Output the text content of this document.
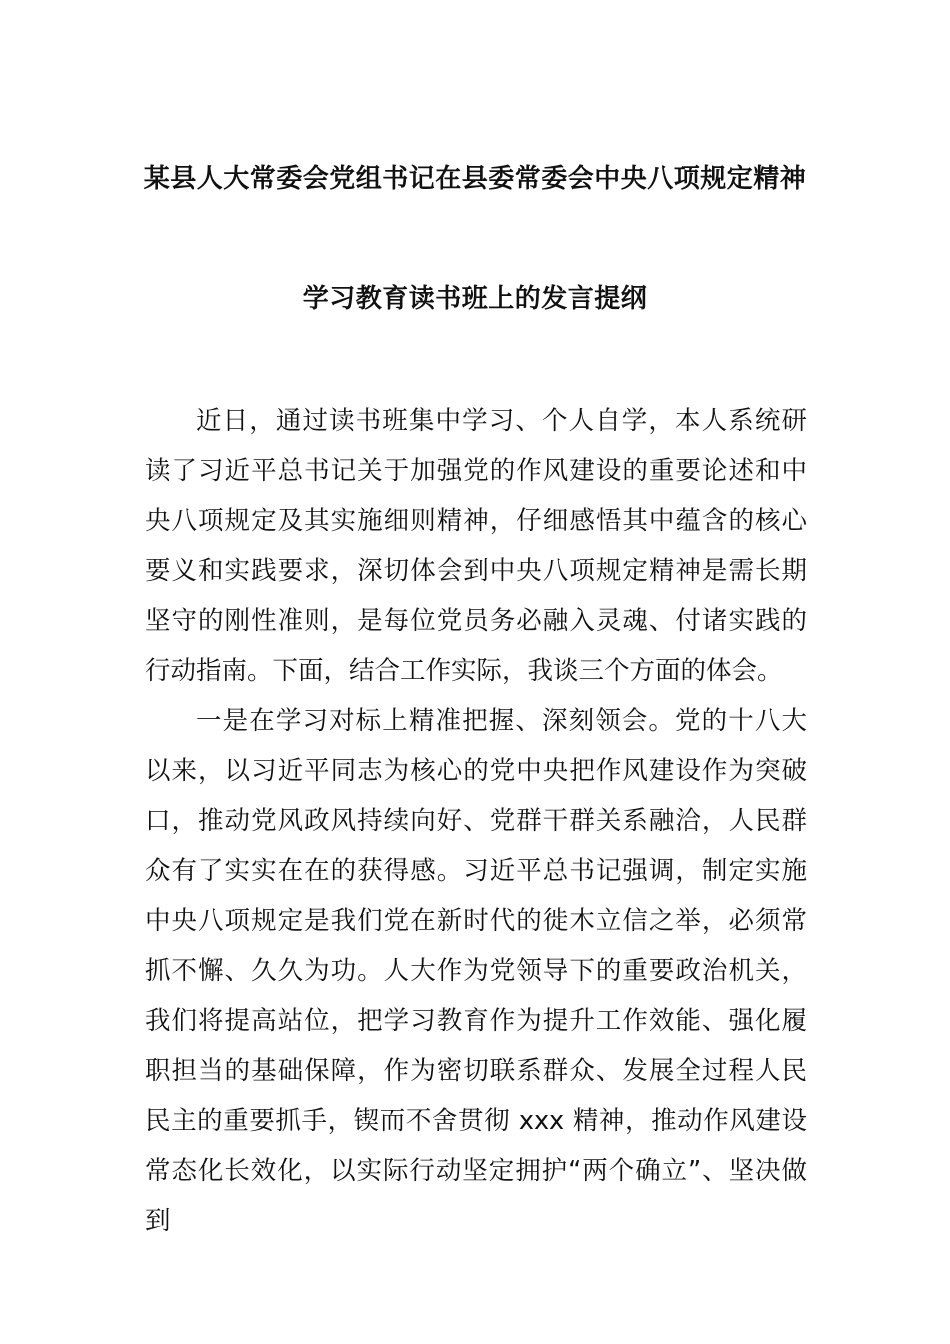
某县人大常委会党组书记在县委常委会中央八项规定精神
学习教育读书班上的发言提纲

近日，通过读书班集中学习、个人自学，本人系统研读了习近平总书记关于加强党的作风建设的重要论述和中央八项规定及其实施细则精神，仔细感悟其中蕴含的核心要义和实践要求，深切体会到中央八项规定精神是需长期坚守的刚性准则，是每位党员务必融入灵魂、付诸实践的行动指南。下面，结合工作实际，我谈三个方面的体会。

一是在学习对标上精准把握、深刻领会。党的十八大以来，以习近平同志为核心的党中央把作风建设作为突破口，推动党风政风持续向好、党群干群关系融洽，人民群众有了实实在在的获得感。习近平总书记强调，制定实施中央八项规定是我们党在新时代的徙木立信之举，必须常抓不懈、久久为功。人大作为党领导下的重要政治机关，我们将提高站位，把学习教育作为提升工作效能、强化履职担当的基础保障，作为密切联系群众、发展全过程人民民主的重要抓手，锲而不舍贯彻 xxx 精神，推动作风建设常态化长效化，以实际行动坚定拥护“两个确立”、坚决做到
